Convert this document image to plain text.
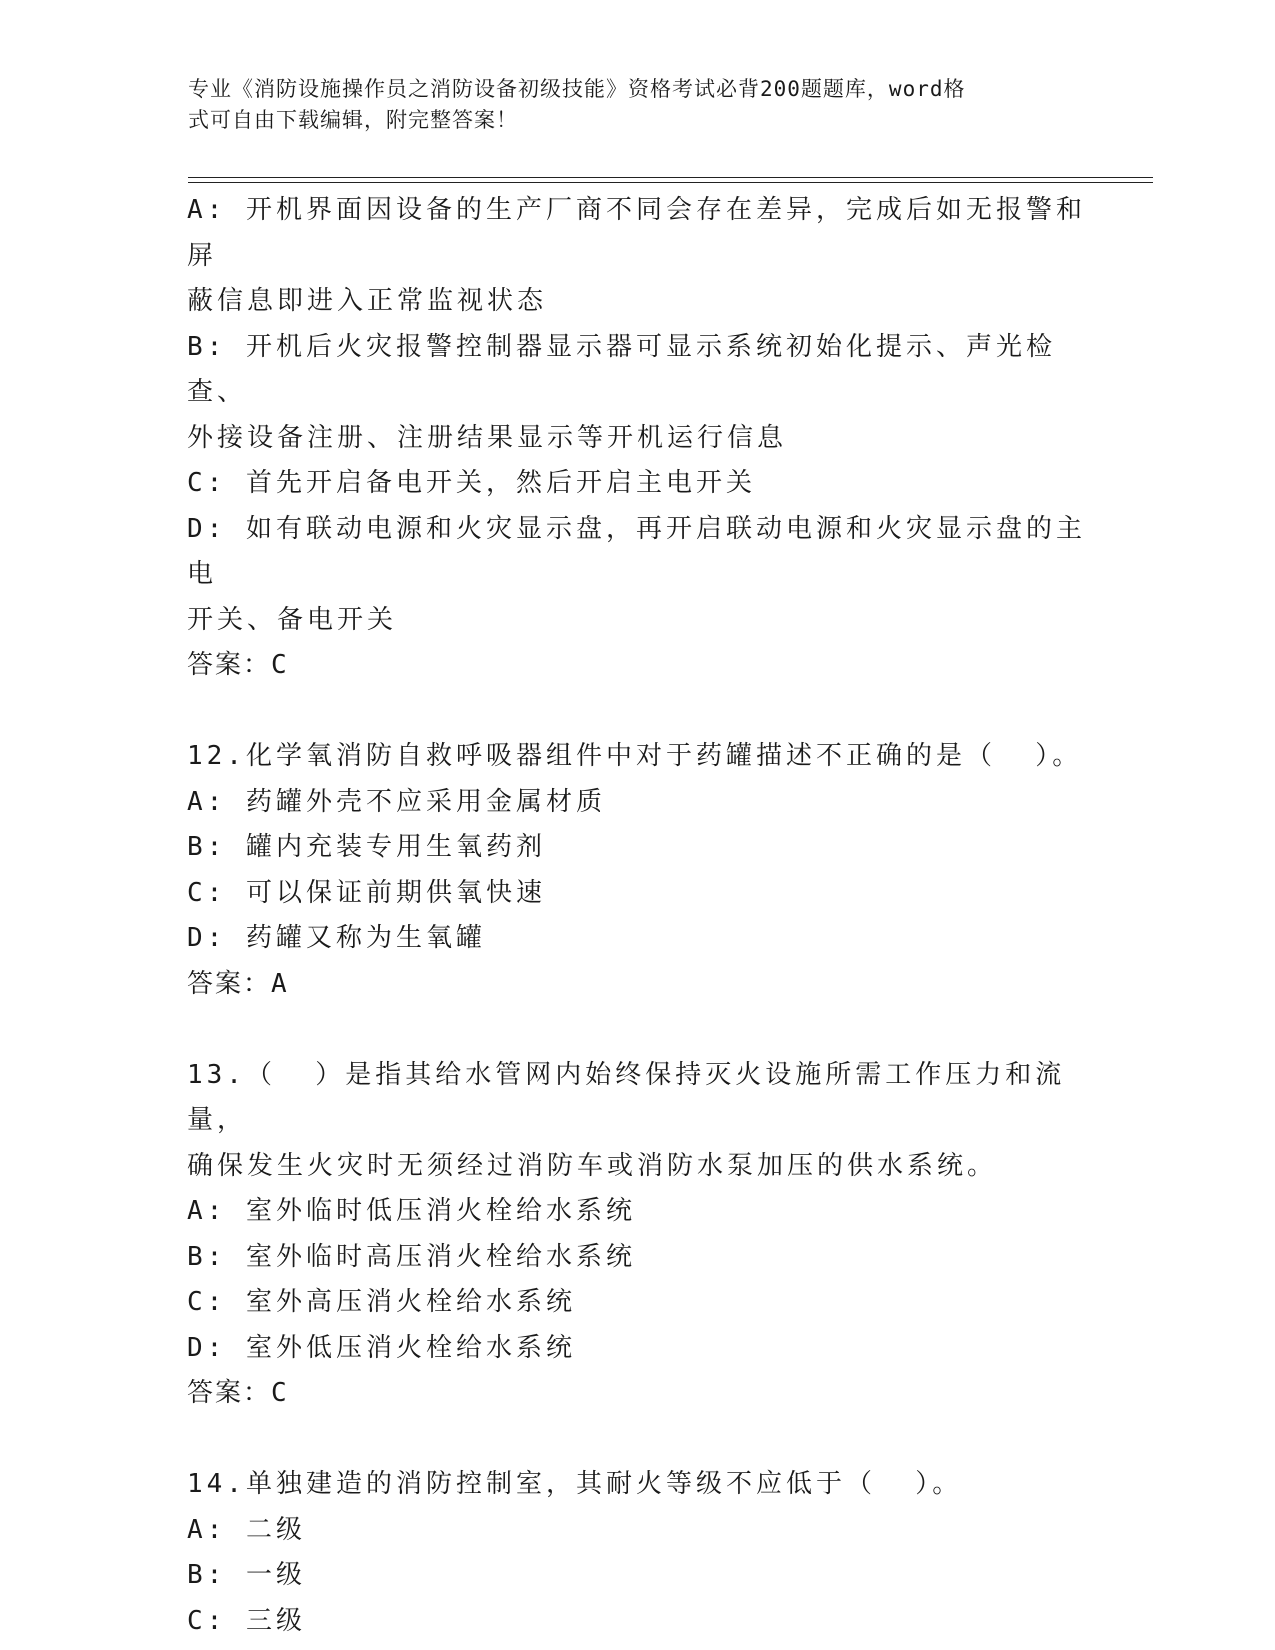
专业《消防设施操作员之消防设备初级技能》资格考试必背200题题库，word格
式可自由下载编辑，附完整答案！
A: 开机界面因设备的生产厂商不同会存在差异，完成后如无报警和屏
蔽信息即进入正常监视状态
B: 开机后火灾报警控制器显示器可显示系统初始化提示、声光检查、
外接设备注册、注册结果显示等开机运行信息
C: 首先开启备电开关，然后开启主电开关
D: 如有联动电源和火灾显示盘，再开启联动电源和火灾显示盘的主电
开关、备电开关
答案：C
12.化学氧消防自救呼吸器组件中对于药罐描述不正确的是（  ）。
A: 药罐外壳不应采用金属材质
B: 罐内充装专用生氧药剂
C: 可以保证前期供氧快速
D: 药罐又称为生氧罐
答案：A
13.（  ）是指其给水管网内始终保持灭火设施所需工作压力和流量，
确保发生火灾时无须经过消防车或消防水泵加压的供水系统。
A: 室外临时低压消火栓给水系统
B: 室外临时高压消火栓给水系统
C: 室外高压消火栓给水系统
D: 室外低压消火栓给水系统
答案：C
14.单独建造的消防控制室，其耐火等级不应低于（  ）。
A: 二级
B: 一级
C: 三级
